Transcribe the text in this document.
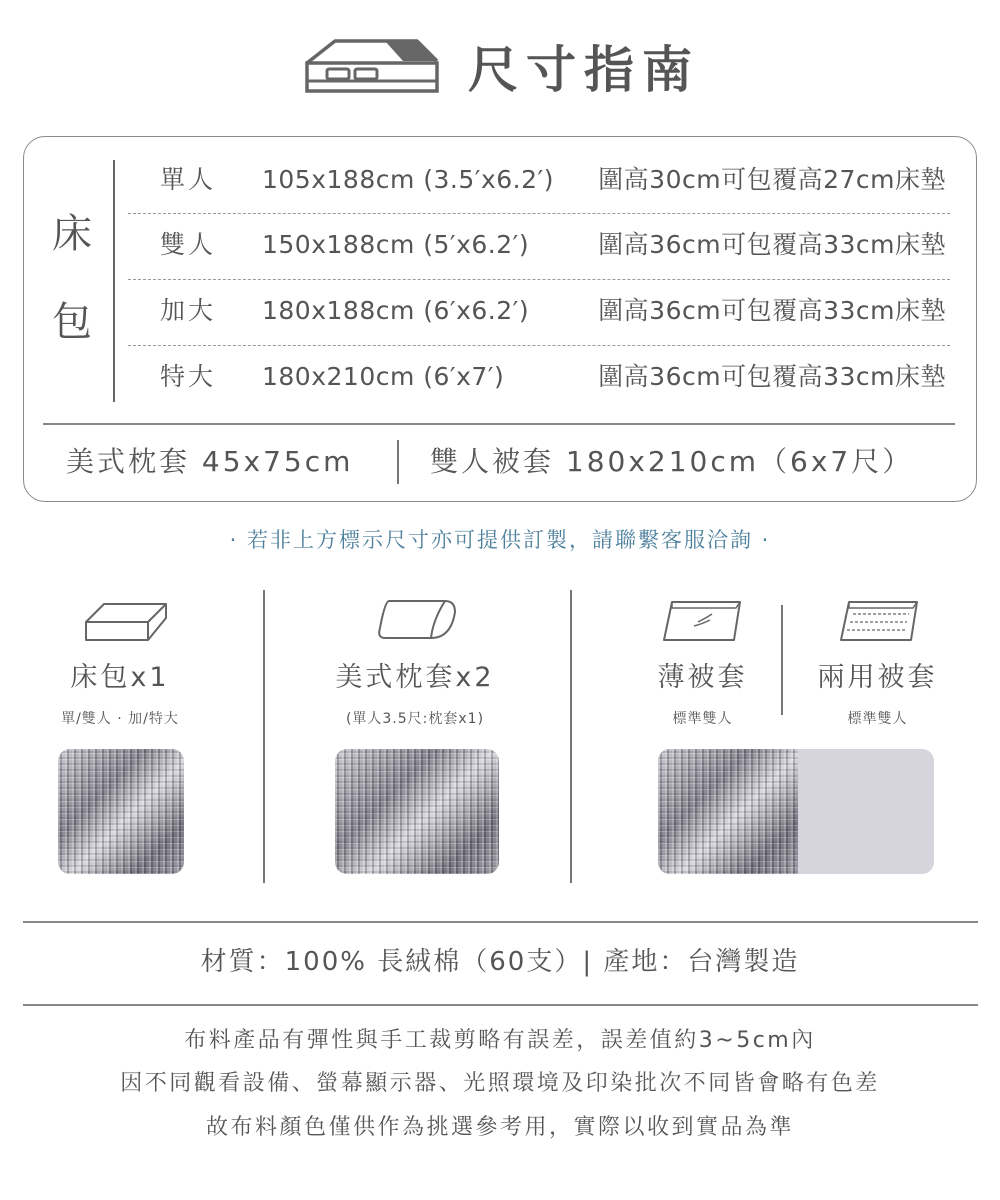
尺寸指南
床
包
單人 105x188cm (3.5′x6.2′) 圍高30cm可包覆高27cm床墊
雙人 150x188cm (5′x6.2′)	圍高36cm可包覆高33cm床墊
加大 180x188cm (6′x6.2′)	圍高36cm可包覆高33cm床墊
特大 180x210cm (6′x7′)	圍高36cm可包覆高33cm床墊
美式枕套 45x75cm	雙人被套 180x210cm（6x7尺）
· 若非上方標示尺寸亦可提供訂製，請聯繫客服洽詢 ·
床包x1
單/雙人 · 加/特大
美式枕套x2
(單人3.5尺:枕套x1)
薄被套
標準雙人
兩用被套
標準雙人
材質：100% 長絨棉（60支）| 產地：台灣製造
布料產品有彈性與手工裁剪略有誤差，誤差值約3~5cm內
因不同觀看設備、螢幕顯示器、光照環境及印染批次不同皆會略有色差
故布料顏色僅供作為挑選參考用，實際以收到實品為準
